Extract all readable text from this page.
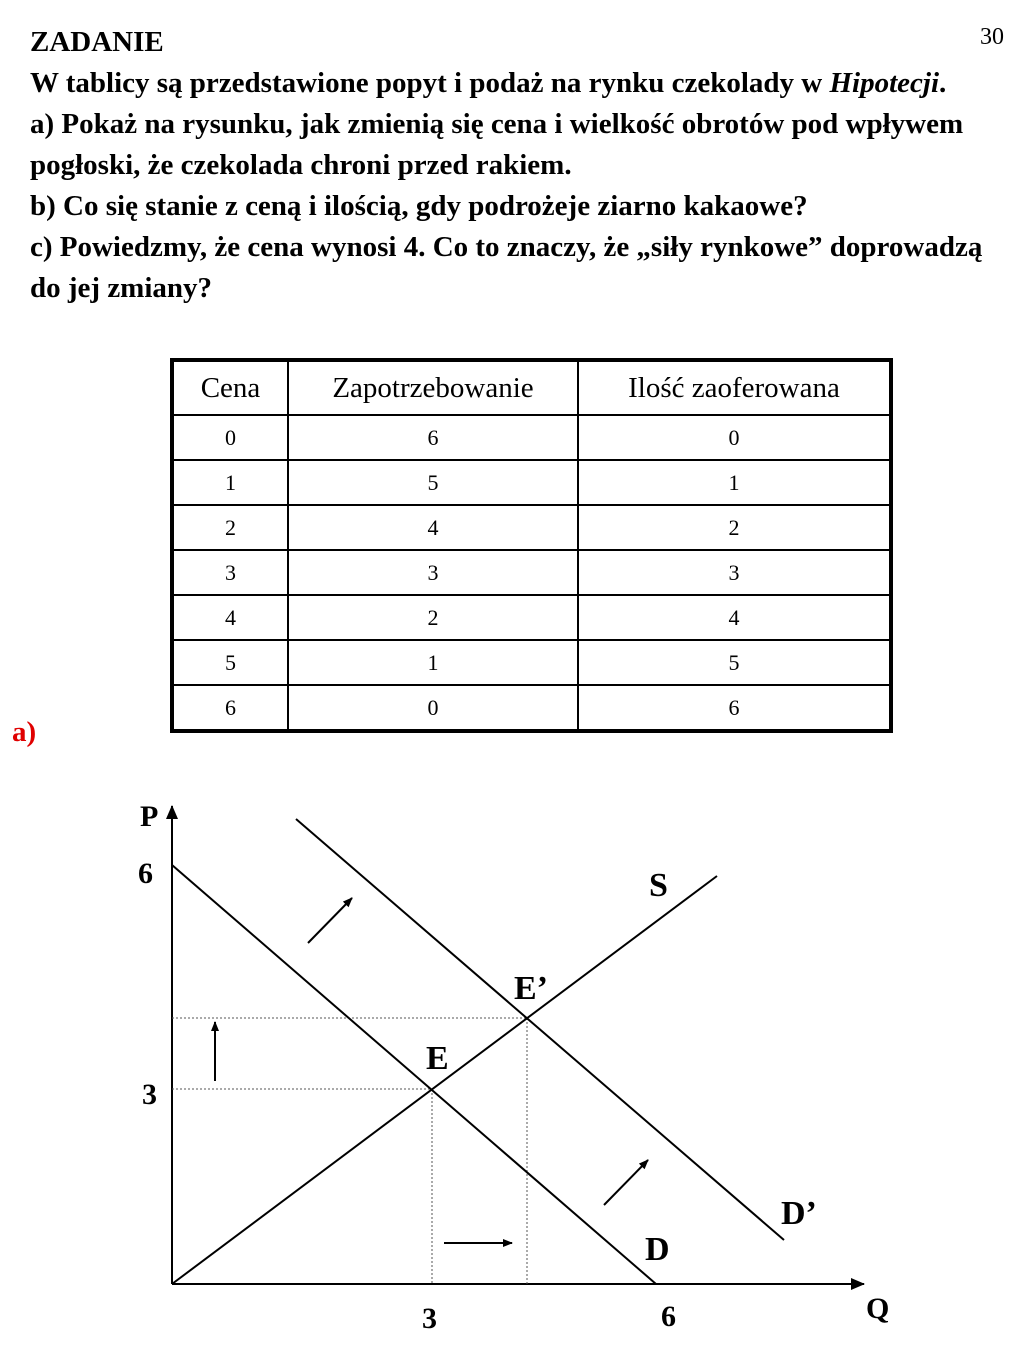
30

ZADANIE

W tablicy są przedstawione popyt i podaż na rynku czekolady w Hipotecji.

a) Pokaż na rysunku, jak zmienią się cena i wielkość obrotów pod wpływem pogłoski, że czekolada chroni przed rakiem.

b) Co się stanie z ceną i ilością, gdy podrożeje ziarno kakaowe?

c) Powiedzmy, że cena wynosi 4. Co to znaczy, że „siły rynkowe” doprowadzą do jej zmiany?

Cena	Zapotrzebowanie	Ilość zaoferowana
0	6	0
1	5	1
2	4	2
3	3	3
4	2	4
5	1	5
6	0	6
a)
P
Q
6
3
3	6
S
D
D’
E
E’
